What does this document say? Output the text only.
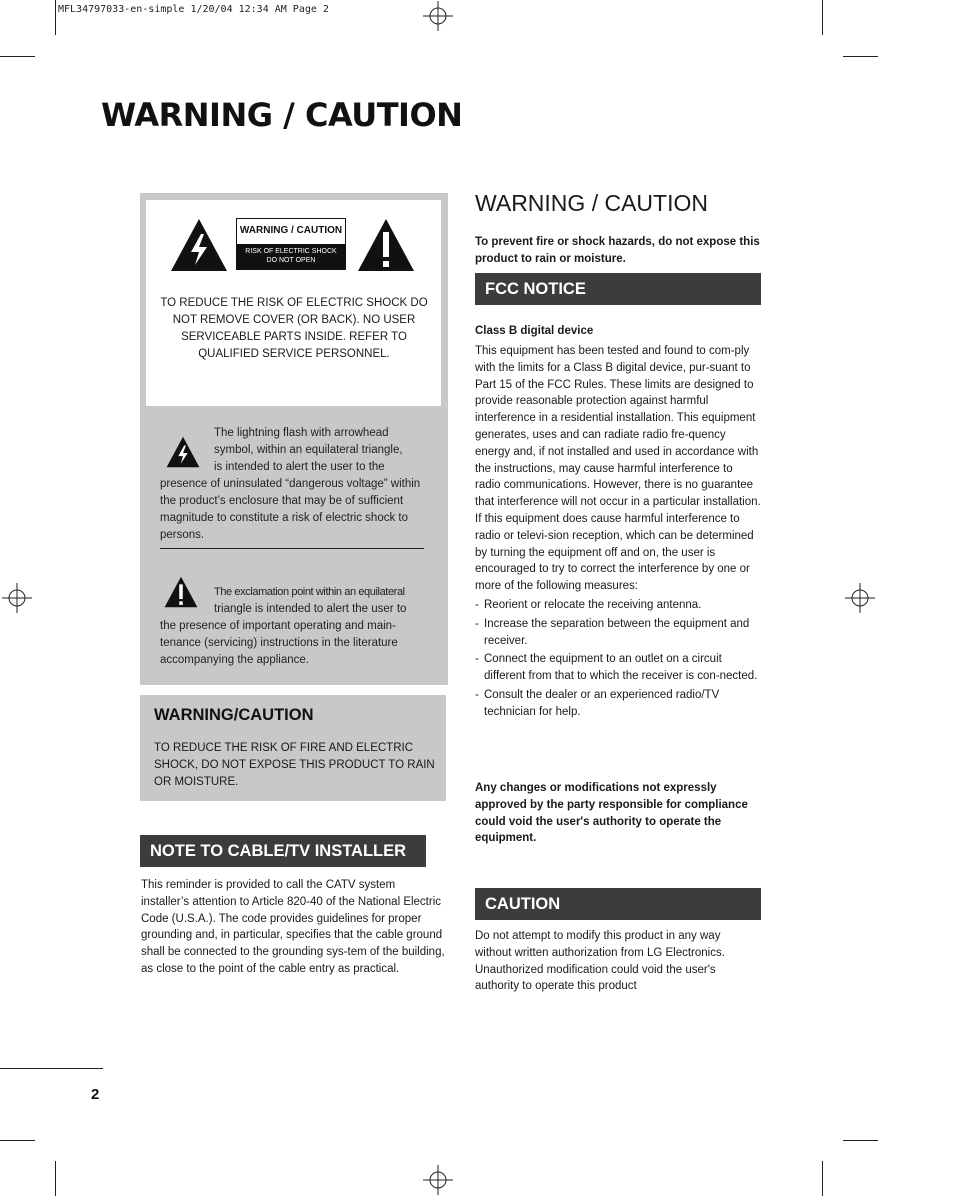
MFL34797033-en-simple 1/20/04 12:34 AM Page 2
WARNING / CAUTION
WARNING / CAUTION
RISK OF ELECTRIC SHOCK
DO NOT OPEN
TO REDUCE THE RISK OF ELECTRIC SHOCK DO NOT REMOVE COVER (OR BACK). NO USER SERVICEABLE PARTS INSIDE. REFER TO QUALIFIED SERVICE PERSONNEL.
The lightning flash with arrowhead
symbol, within an equilateral triangle,
is intended to alert the user to the
presence of uninsulated “dangerous voltage” within the product’s enclosure that may be of sufficient magnitude to constitute a risk of electric shock to persons.
The exclamation point within an equilateral
triangle is intended to alert the user to
the presence of important operating and main-tenance (servicing) instructions in the literature accompanying the appliance.
WARNING/CAUTION
TO REDUCE THE RISK OF FIRE AND ELECTRIC SHOCK, DO NOT EXPOSE THIS PRODUCT TO RAIN OR MOISTURE.
NOTE TO CABLE/TV INSTALLER
This reminder is provided to call the CATV system installer’s attention to Article 820-40 of the National Electric Code (U.S.A.). The code provides guidelines for proper grounding and, in particular, specifies that the cable ground shall be connected to the grounding sys-tem of the building, as close to the point of the cable entry as practical.
WARNING / CAUTION
To prevent fire or shock hazards, do not expose this product to rain or moisture.
FCC NOTICE
Class B digital device
This equipment has been tested and found to com-ply with the limits for a Class B digital device, pur-suant to Part 15 of the FCC Rules. These limits are designed to provide reasonable protection against harmful interference in a residential installation. This equipment generates, uses and can radiate radio fre-quency energy and, if not installed and used in accordance with the instructions, may cause harmful interference to radio communications. However, there is no guarantee that interference will not occur in a particular installation. If this equipment does cause harmful interference to radio or televi-sion reception, which can be determined by turning the equipment off and on, the user is encouraged to try to correct the interference by one or more of the following measures:
- Reorient or relocate the receiving antenna.
- Increase the separation between the equipment and receiver.
- Connect the equipment to an outlet on a circuit different from that to which the receiver is con-nected.
- Consult the dealer or an experienced radio/TV technician for help.
Any changes or modifications not expressly approved by the party responsible for compliance could void the user's authority to operate the equipment.
CAUTION
Do not attempt to modify this product in any way without written authorization from LG Electronics. Unauthorized modification could void the user's authority to operate this product
2
